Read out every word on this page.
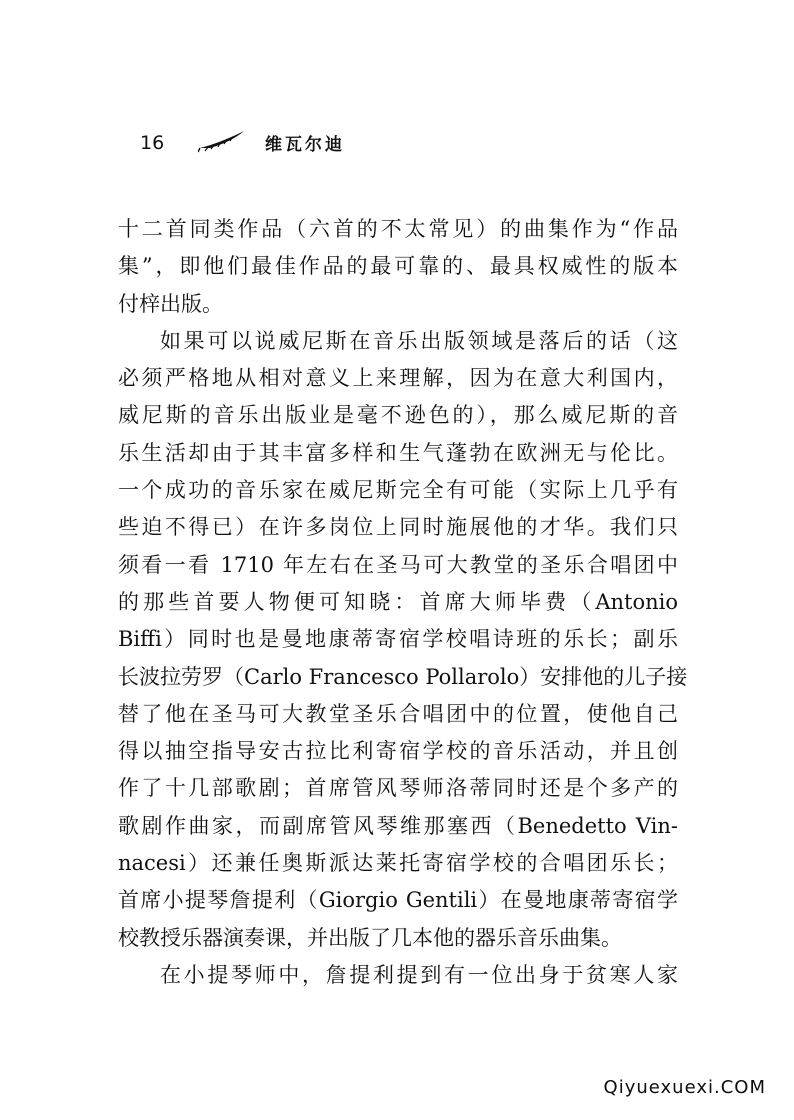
16	维瓦尔迪
十二首同类作品（六首的不太常见）的曲集作为“作品
集”，即他们最佳作品的最可靠的、最具权威性的版本
付梓出版。
如果可以说威尼斯在音乐出版领域是落后的话（这
必须严格地从相对意义上来理解，因为在意大利国内，
威尼斯的音乐出版业是毫不逊色的），那么威尼斯的音
乐生活却由于其丰富多样和生气蓬勃在欧洲无与伦比。
一个成功的音乐家在威尼斯完全有可能（实际上几乎有
些迫不得已）在许多岗位上同时施展他的才华。我们只
须看一看 1710 年左右在圣马可大教堂的圣乐合唱团中
的那些首要人物便可知晓：首席大师毕费（Antonio
Biffi）同时也是曼地康蒂寄宿学校唱诗班的乐长；副乐
长波拉劳罗（Carlo Francesco Pollarolo）安排他的儿子接
替了他在圣马可大教堂圣乐合唱团中的位置，使他自己
得以抽空指导安古拉比利寄宿学校的音乐活动，并且创
作了十几部歌剧；首席管风琴师洛蒂同时还是个多产的
歌剧作曲家，而副席管风琴维那塞西（Benedetto Vin-
nacesi）还兼任奥斯派达莱托寄宿学校的合唱团乐长；
首席小提琴詹提利（Giorgio Gentili）在曼地康蒂寄宿学
校教授乐器演奏课，并出版了几本他的器乐音乐曲集。
在小提琴师中，詹提利提到有一位出身于贫寒人家
Qiyuexuexi.COM
